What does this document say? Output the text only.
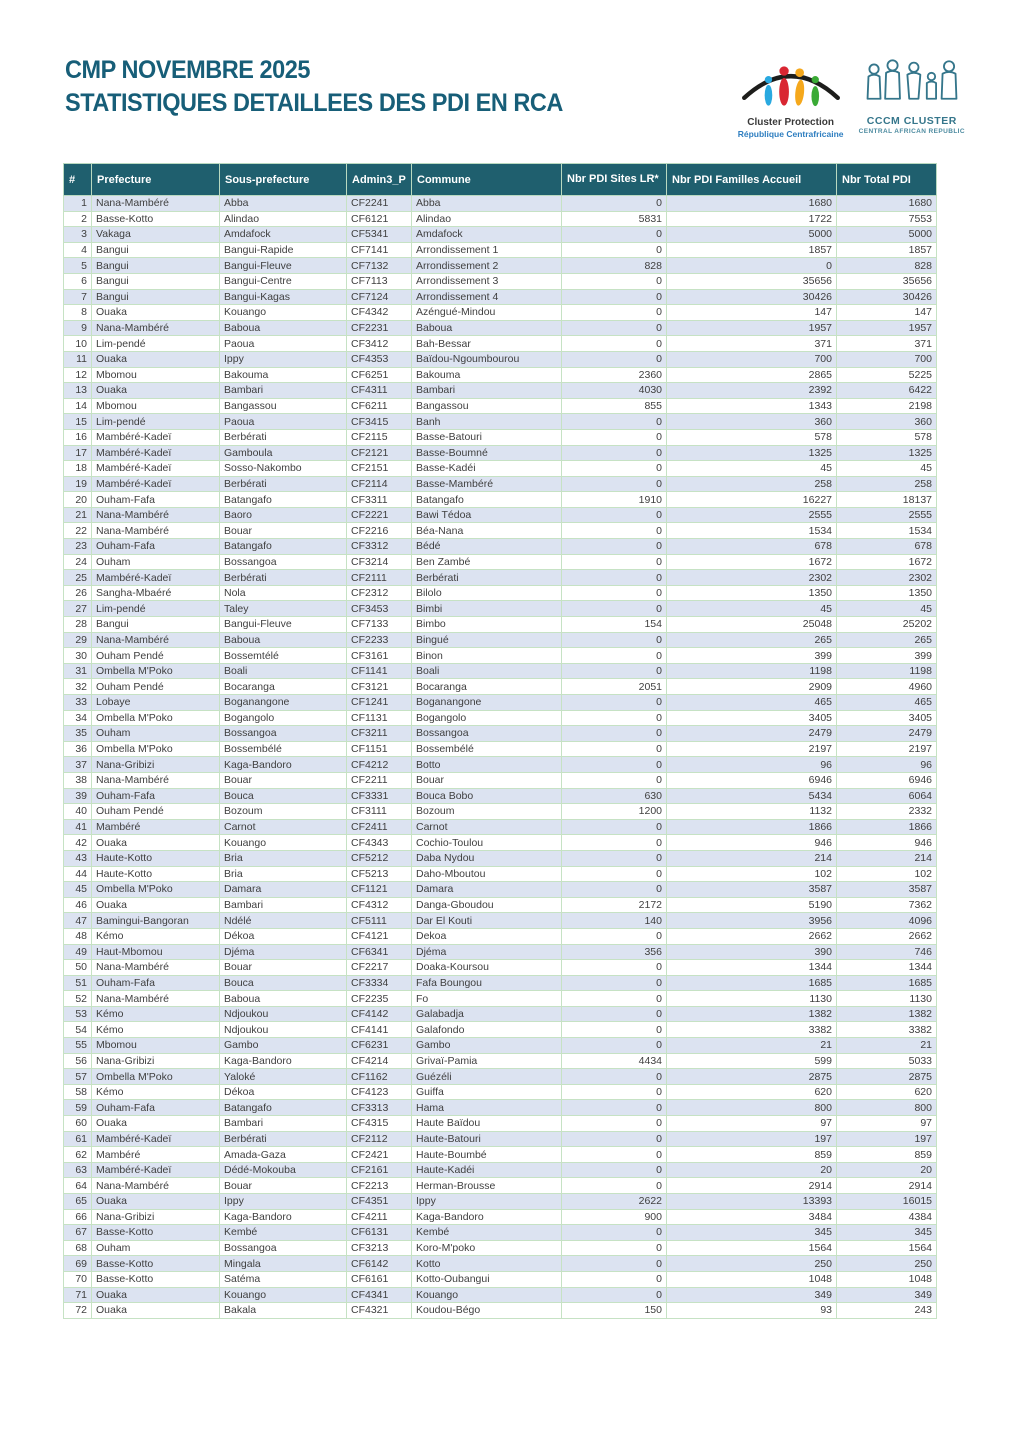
CMP NOVEMBRE 2025
STATISTIQUES DETAILLEES DES PDI EN RCA
Cluster Protection
République Centrafricaine
CCCM CLUSTER
CENTRAL AFRICAN REPUBLIC
#	Prefecture	Sous-prefecture	Admin3_P	Commune	Nbr PDI Sites LR*	Nbr PDI Familles Accueil	Nbr Total PDI
1	Nana-Mambéré	Abba	CF2241	Abba	0	1680	1680
2	Basse-Kotto	Alindao	CF6121	Alindao	5831	1722	7553
3	Vakaga	Amdafock	CF5341	Amdafock	0	5000	5000
4	Bangui	Bangui-Rapide	CF7141	Arrondissement 1	0	1857	1857
5	Bangui	Bangui-Fleuve	CF7132	Arrondissement 2	828	0	828
6	Bangui	Bangui-Centre	CF7113	Arrondissement 3	0	35656	35656
7	Bangui	Bangui-Kagas	CF7124	Arrondissement 4	0	30426	30426
8	Ouaka	Kouango	CF4342	Azéngué-Mindou	0	147	147
9	Nana-Mambéré	Baboua	CF2231	Baboua	0	1957	1957
10	Lim-pendé	Paoua	CF3412	Bah-Bessar	0	371	371
11	Ouaka	Ippy	CF4353	Baïdou-Ngoumbourou	0	700	700
12	Mbomou	Bakouma	CF6251	Bakouma	2360	2865	5225
13	Ouaka	Bambari	CF4311	Bambari	4030	2392	6422
14	Mbomou	Bangassou	CF6211	Bangassou	855	1343	2198
15	Lim-pendé	Paoua	CF3415	Banh	0	360	360
16	Mambéré-Kadeï	Berbérati	CF2115	Basse-Batouri	0	578	578
17	Mambéré-Kadeï	Gamboula	CF2121	Basse-Boumné	0	1325	1325
18	Mambéré-Kadeï	Sosso-Nakombo	CF2151	Basse-Kadéi	0	45	45
19	Mambéré-Kadeï	Berbérati	CF2114	Basse-Mambéré	0	258	258
20	Ouham-Fafa	Batangafo	CF3311	Batangafo	1910	16227	18137
21	Nana-Mambéré	Baoro	CF2221	Bawi Tédoa	0	2555	2555
22	Nana-Mambéré	Bouar	CF2216	Béa-Nana	0	1534	1534
23	Ouham-Fafa	Batangafo	CF3312	Bédé	0	678	678
24	Ouham	Bossangoa	CF3214	Ben Zambé	0	1672	1672
25	Mambéré-Kadeï	Berbérati	CF2111	Berbérati	0	2302	2302
26	Sangha-Mbaéré	Nola	CF2312	Bilolo	0	1350	1350
27	Lim-pendé	Taley	CF3453	Bimbi	0	45	45
28	Bangui	Bangui-Fleuve	CF7133	Bimbo	154	25048	25202
29	Nana-Mambéré	Baboua	CF2233	Bingué	0	265	265
30	Ouham Pendé	Bossemtélé	CF3161	Binon	0	399	399
31	Ombella M'Poko	Boali	CF1141	Boali	0	1198	1198
32	Ouham Pendé	Bocaranga	CF3121	Bocaranga	2051	2909	4960
33	Lobaye	Boganangone	CF1241	Boganangone	0	465	465
34	Ombella M'Poko	Bogangolo	CF1131	Bogangolo	0	3405	3405
35	Ouham	Bossangoa	CF3211	Bossangoa	0	2479	2479
36	Ombella M'Poko	Bossembélé	CF1151	Bossembélé	0	2197	2197
37	Nana-Gribizi	Kaga-Bandoro	CF4212	Botto	0	96	96
38	Nana-Mambéré	Bouar	CF2211	Bouar	0	6946	6946
39	Ouham-Fafa	Bouca	CF3331	Bouca Bobo	630	5434	6064
40	Ouham Pendé	Bozoum	CF3111	Bozoum	1200	1132	2332
41	Mambéré	Carnot	CF2411	Carnot	0	1866	1866
42	Ouaka	Kouango	CF4343	Cochio-Toulou	0	946	946
43	Haute-Kotto	Bria	CF5212	Daba Nydou	0	214	214
44	Haute-Kotto	Bria	CF5213	Daho-Mboutou	0	102	102
45	Ombella M'Poko	Damara	CF1121	Damara	0	3587	3587
46	Ouaka	Bambari	CF4312	Danga-Gboudou	2172	5190	7362
47	Bamingui-Bangoran	Ndélé	CF5111	Dar El Kouti	140	3956	4096
48	Kémo	Dékoa	CF4121	Dekoa	0	2662	2662
49	Haut-Mbomou	Djéma	CF6341	Djéma	356	390	746
50	Nana-Mambéré	Bouar	CF2217	Doaka-Koursou	0	1344	1344
51	Ouham-Fafa	Bouca	CF3334	Fafa Boungou	0	1685	1685
52	Nana-Mambéré	Baboua	CF2235	Fo	0	1130	1130
53	Kémo	Ndjoukou	CF4142	Galabadja	0	1382	1382
54	Kémo	Ndjoukou	CF4141	Galafondo	0	3382	3382
55	Mbomou	Gambo	CF6231	Gambo	0	21	21
56	Nana-Gribizi	Kaga-Bandoro	CF4214	Grivaï-Pamia	4434	599	5033
57	Ombella M'Poko	Yaloké	CF1162	Guézéli	0	2875	2875
58	Kémo	Dékoa	CF4123	Guiffa	0	620	620
59	Ouham-Fafa	Batangafo	CF3313	Hama	0	800	800
60	Ouaka	Bambari	CF4315	Haute Baïdou	0	97	97
61	Mambéré-Kadeï	Berbérati	CF2112	Haute-Batouri	0	197	197
62	Mambéré	Amada-Gaza	CF2421	Haute-Boumbé	0	859	859
63	Mambéré-Kadeï	Dédé-Mokouba	CF2161	Haute-Kadéi	0	20	20
64	Nana-Mambéré	Bouar	CF2213	Herman-Brousse	0	2914	2914
65	Ouaka	Ippy	CF4351	Ippy	2622	13393	16015
66	Nana-Gribizi	Kaga-Bandoro	CF4211	Kaga-Bandoro	900	3484	4384
67	Basse-Kotto	Kembé	CF6131	Kembé	0	345	345
68	Ouham	Bossangoa	CF3213	Koro-M'poko	0	1564	1564
69	Basse-Kotto	Mingala	CF6142	Kotto	0	250	250
70	Basse-Kotto	Satéma	CF6161	Kotto-Oubangui	0	1048	1048
71	Ouaka	Kouango	CF4341	Kouango	0	349	349
72	Ouaka	Bakala	CF4321	Koudou-Bégo	150	93	243
